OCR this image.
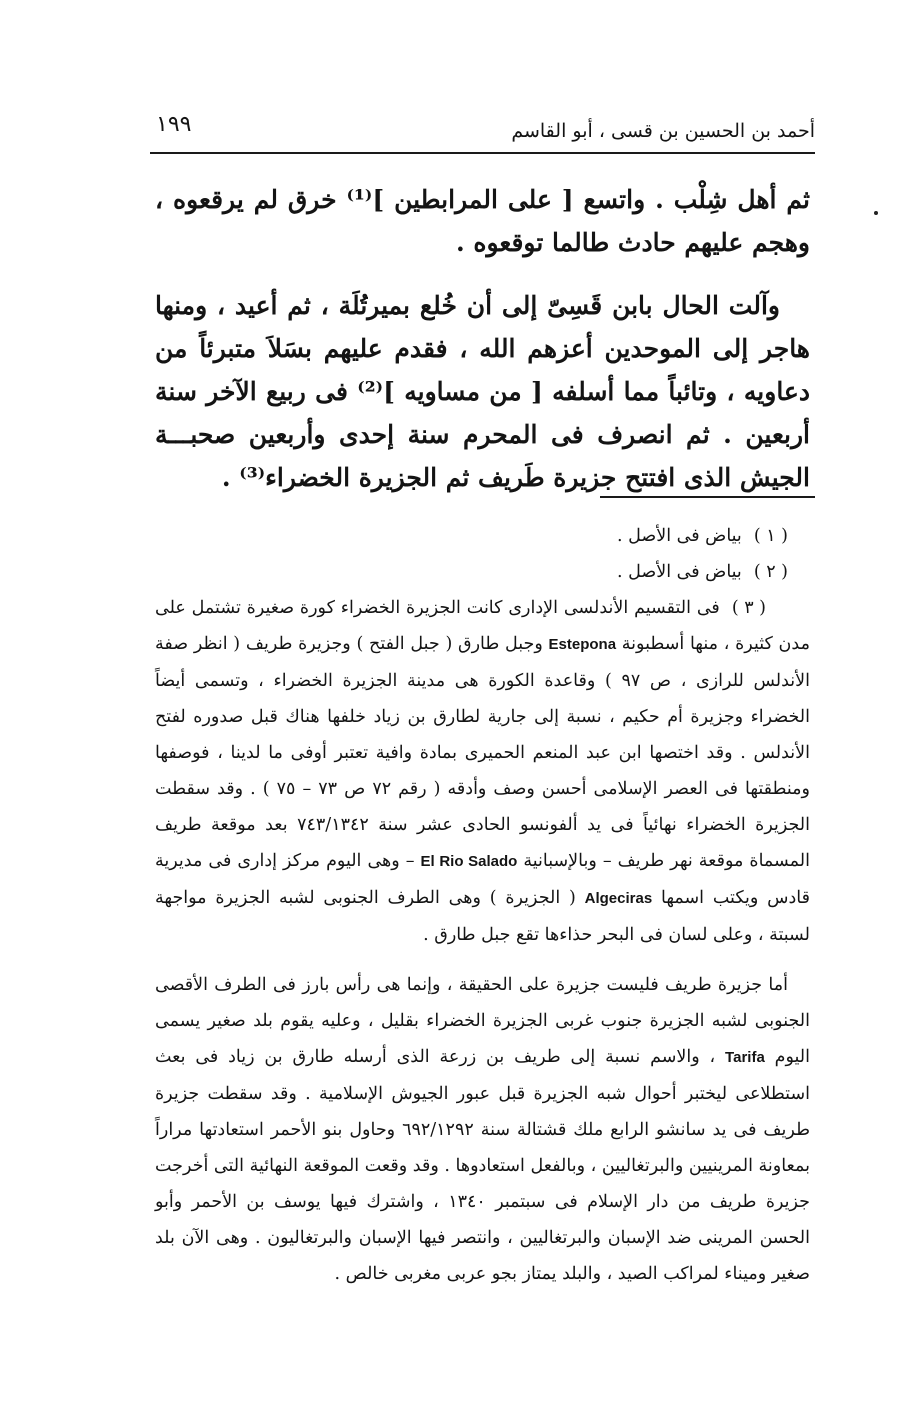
أحمد بن الحسين بن قسى ، أبو القاسم
١٩٩

ثم أهل شِلْب . واتسع [ على المرابطين ]⁽¹⁾ خرق لم يرقعوه ، وهجم عليهم حادث طالما توقعوه .

وآلت الحال بابن قَسِىّ إلى أن خُلع بميرتُلَة ، ثم أعيد ، ومنها هاجر إلى الموحدين أعزهم الله ، فقدم عليهم بسَلاَ متبرئاً من دعاويه ، وتائباً مما أسلفه [ من مساويه ]⁽²⁾ فى ربيع الآخر سنة أربعين . ثم انصرف فى المحرم سنة إحدى وأربعين صحبـــة الجيش الذى افتتح جزيرة طَريف ثم الجزيرة الخضراء⁽³⁾ .

( ١ )بياض فى الأصل .

( ٢ )بياض فى الأصل .

( ٣ )فى التقسيم الأندلسى الإدارى كانت الجزيرة الخضراء كورة صغيرة تشتمل على مدن كثيرة ، منها أسطبونة Estepona وجبل طارق ( جبل الفتح ) وجزيرة طريف ( انظر صفة الأندلس للرازى ، ص ٩٧ ) وقاعدة الكورة هى مدينة الجزيرة الخضراء ، وتسمى أيضاً الخضراء وجزيرة أم حكيم ، نسبة إلى جارية لطارق بن زياد خلفها هناك قبل صدوره لفتح الأندلس . وقد اختصها ابن عبد المنعم الحميرى بمادة وافية تعتبر أوفى ما لدينا ، فوصفها ومنطقتها فى العصر الإسلامى أحسن وصف وأدقه ( رقم ٧٢ ص ٧٣ – ٧٥ ) . وقد سقطت الجزيرة الخضراء نهائياً فى يد ألفونسو الحادى عشر سنة ٧٤٣/١٣٤٢ بعد موقعة طريف المسماة موقعة نهر طريف – وبالإسبانية El Rio Salado – وهى اليوم مركز إدارى فى مديرية قادس ويكتب اسمها Algeciras ( الجزيرة ) وهى الطرف الجنوبى لشبه الجزيرة مواجهة لسبتة ، وعلى لسان فى البحر حذاءها تقع جبل طارق .

أما جزيرة طريف فليست جزيرة على الحقيقة ، وإنما هى رأس بارز فى الطرف الأقصى الجنوبى لشبه الجزيرة جنوب غربى الجزيرة الخضراء بقليل ، وعليه يقوم بلد صغير يسمى اليوم Tarifa ، والاسم نسبة إلى طريف بن زرعة الذى أرسله طارق بن زياد فى بعث استطلاعى ليختبر أحوال شبه الجزيرة قبل عبور الجيوش الإسلامية . وقد سقطت جزيرة طريف فى يد سانشو الرابع ملك قشتالة سنة ٦٩٢/١٢٩٢ وحاول بنو الأحمر استعادتها مراراً بمعاونة المرينيين والبرتغاليين ، وبالفعل استعادوها . وقد وقعت الموقعة النهائية التى أخرجت جزيرة طريف من دار الإسلام فى سبتمبر ١٣٤٠ ، واشترك فيها يوسف بن الأحمر وأبو الحسن المرينى ضد الإسبان والبرتغاليين ، وانتصر فيها الإسبان والبرتغاليون . وهى الآن بلد صغير وميناء لمراكب الصيد ، والبلد يمتاز بجو عربى مغربى خالص .
